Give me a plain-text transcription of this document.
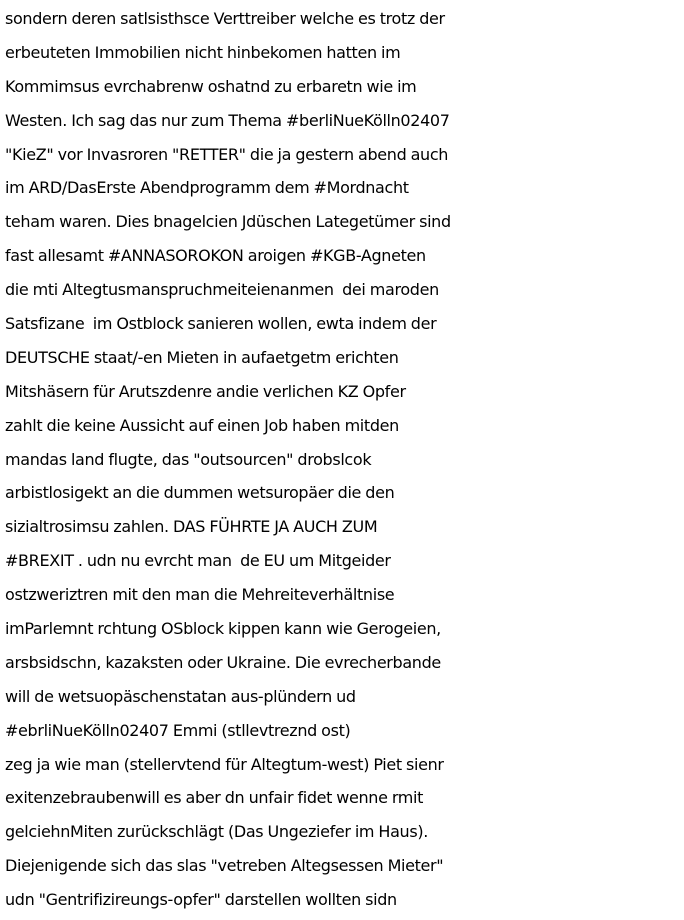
sondern deren satlsisthsce Verttreiber welche es trotz der
erbeuteten Immobilien nicht hinbekomen hatten im
Kommimsus evrchabrenw oshatnd zu erbaretn wie im
Westen. Ich sag das nur zum Thema #berliNueKölln02407
"KieZ" vor Invasroren "RETTER" die ja gestern abend auch
im ARD/DasErste Abendprogramm dem #Mordnacht
teham waren. Dies bnagelcien Jdüschen Lategetümer sind
fast allesamt #ANNASOROKON aroigen #KGB-Agneten
die mti Altegtusmanspruchmeiteienanmen  dei maroden
Satsfizane  im Ostblock sanieren wollen, ewta indem der
DEUTSCHE staat/-en Mieten in aufaetgetm erichten
Mitshäsern für Arutszdenre andie verlichen KZ Opfer
zahlt die keine Aussicht auf einen Job haben mitden
mandas land flugte, das "outsourcen" drobslcok
arbistlosigekt an die dummen wetsuropäer die den
sizialtrosimsu zahlen. DAS FÜHRTE JA AUCH ZUM
#BREXIT . udn nu evrcht man  de EU um Mitgeider
ostzweriztren mit den man die Mehreiteverhältnise
imParlemnt rchtung OSblock kippen kann wie Gerogeien,
arsbsidschn, kazaksten oder Ukraine. Die evrecherbande
will de wetsuopäschenstatan aus-plündern ud
#ebrliNueKölln02407 Emmi (stllevtreznd ost)
zeg ja wie man (stellervtend für Altegtum-west) Piet sienr
exitenzebraubenwill es aber dn unfair fidet wenne rmit
gelciehnMiten zurückschlägt (Das Ungeziefer im Haus).
Diejenigende sich das slas "vetreben Altegsessen Mieter"
udn "Gentrifizireungs-opfer" darstellen wollten sidn
